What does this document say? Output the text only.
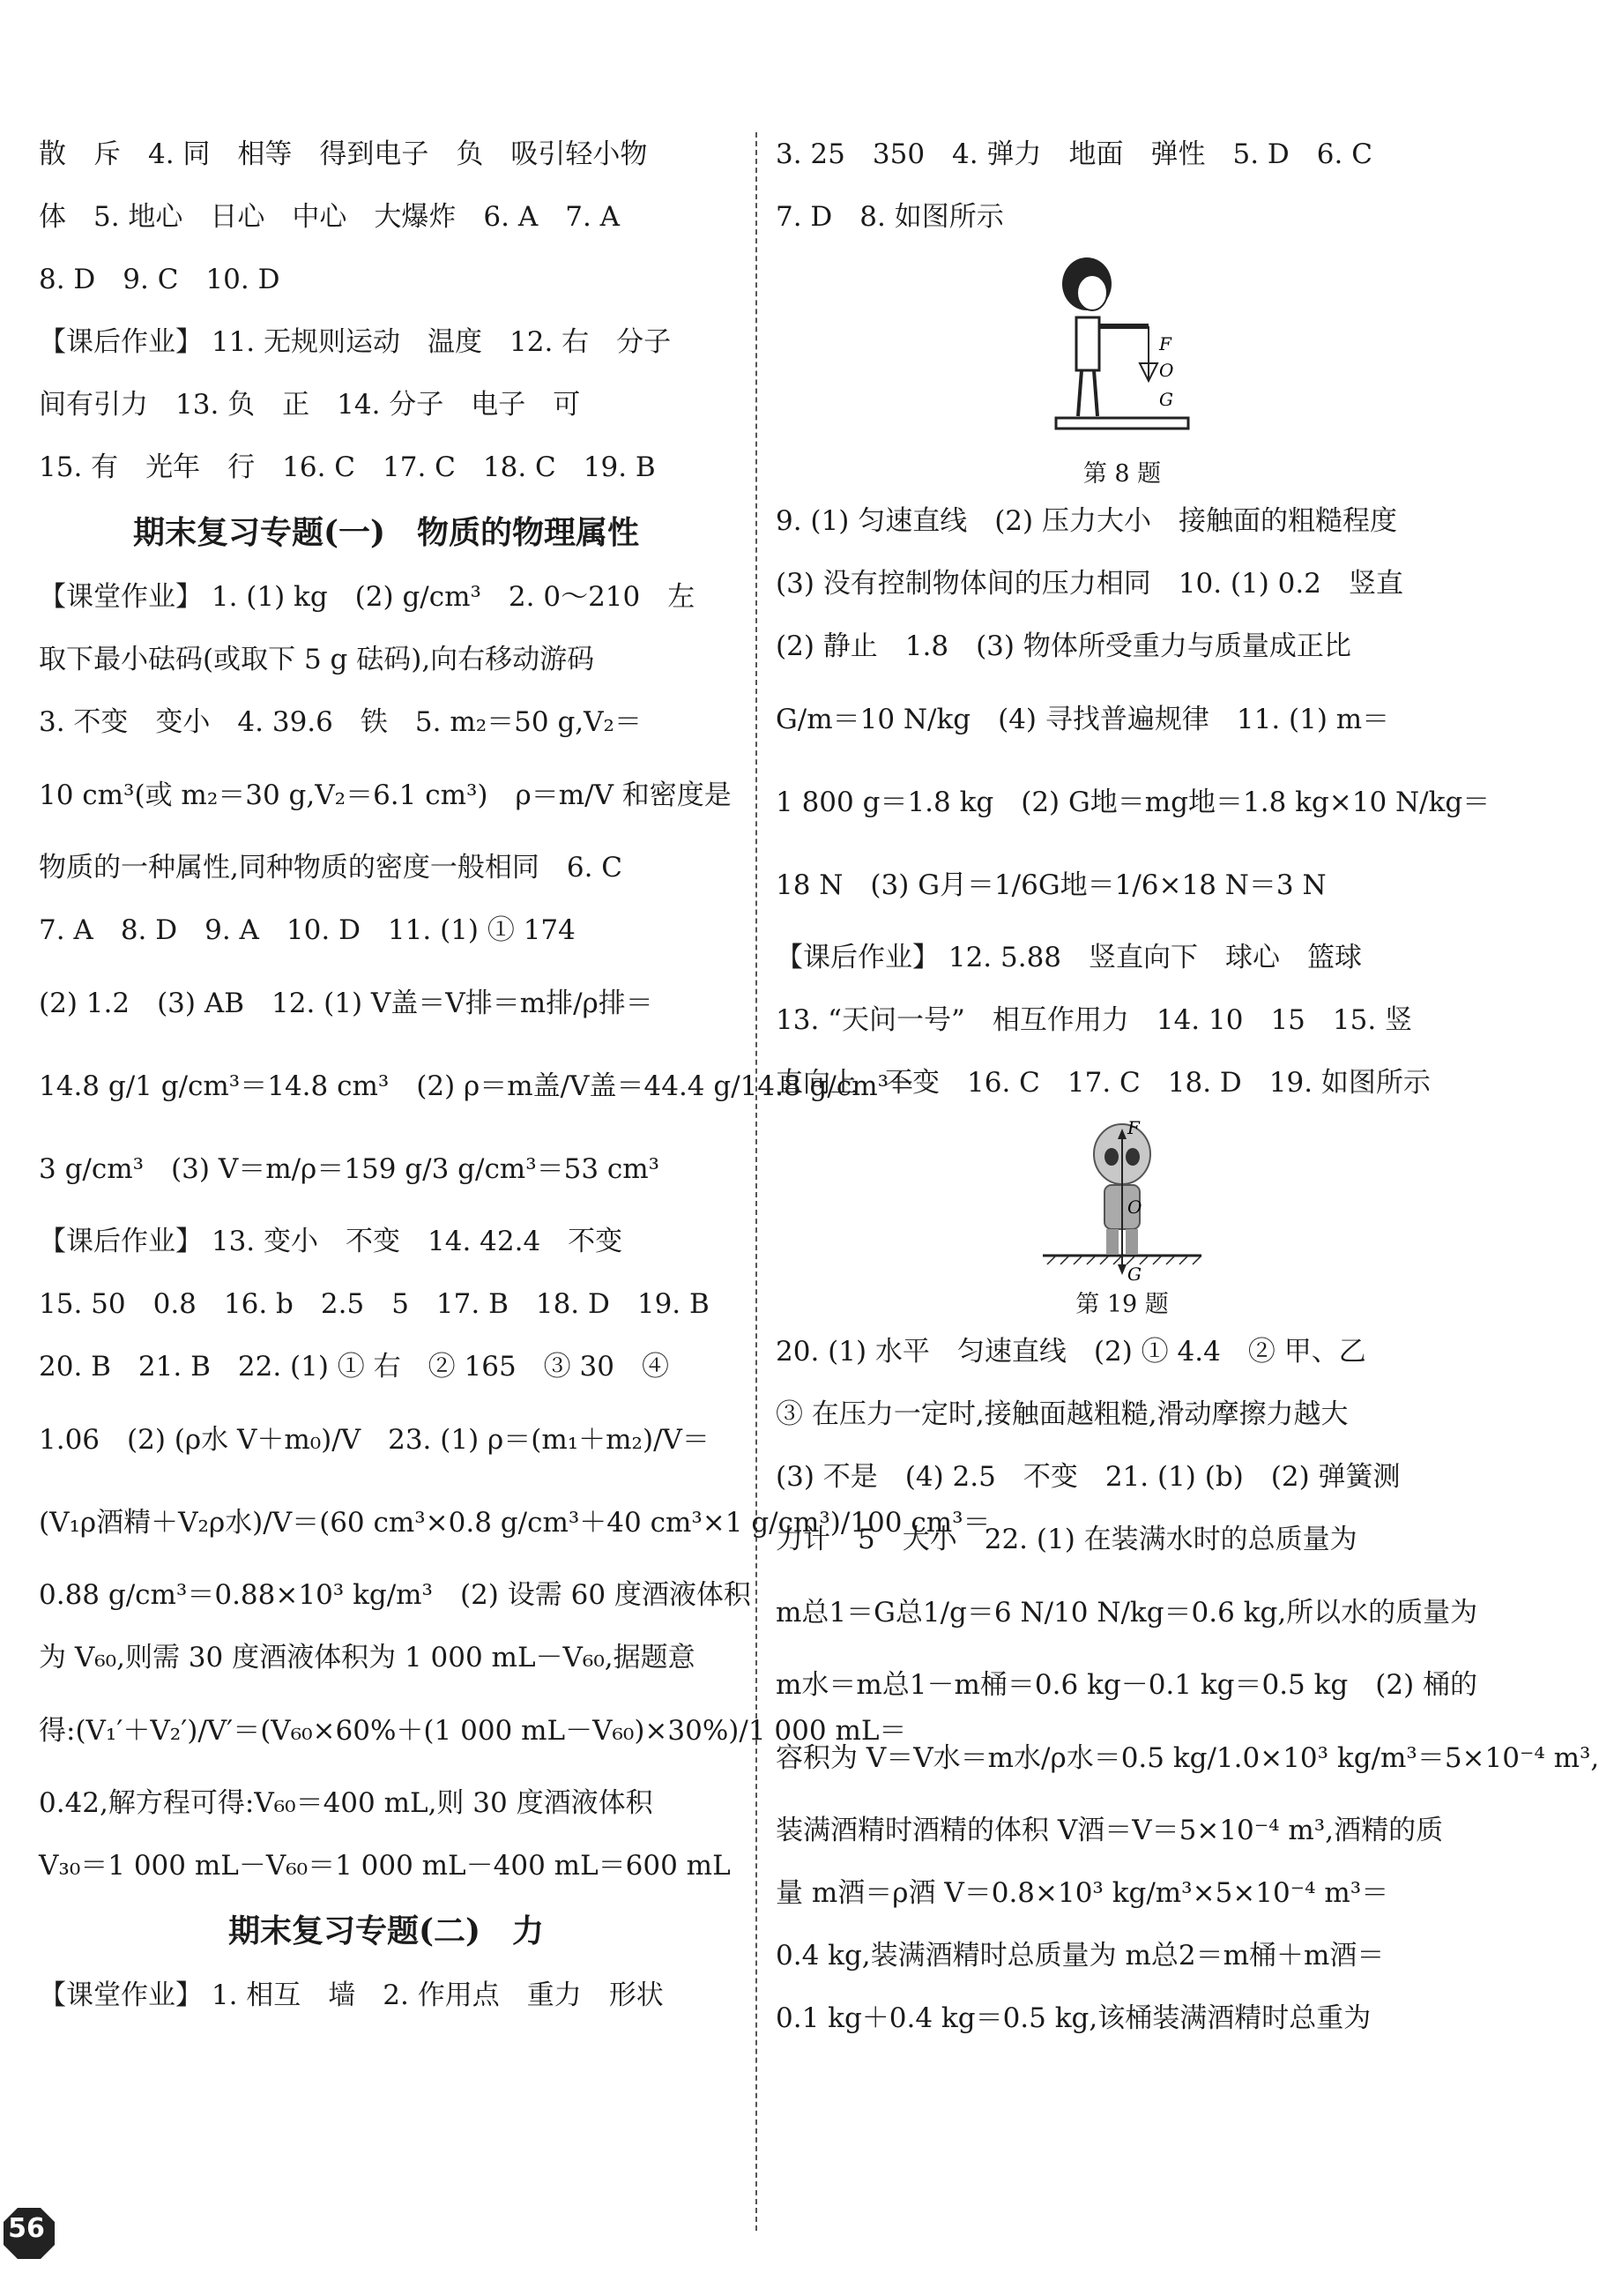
散　斥　4. 同　相等　得到电子　负　吸引轻小物
体　5. 地心　日心　中心　大爆炸　6. A　7. A
8. D　9. C　10. D
【课后作业】 11. 无规则运动　温度　12. 右　分子
间有引力　13. 负　正　14. 分子　电子　可
15. 有　光年　行　16. C　17. C　18. C　19. B
期末复习专题(一)　物质的物理属性
【课堂作业】 1. (1) kg　(2) g/cm³　2. 0～210　左
取下最小砝码(或取下 5 g 砝码),向右移动游码
3. 不变　变小　4. 39.6　铁　5. m₂＝50 g,V₂＝
10 cm³(或 m₂＝30 g,V₂＝6.1 cm³)　ρ＝m/V 和密度是
物质的一种属性,同种物质的密度一般相同　6. C
7. A　8. D　9. A　10. D　11. (1) ① 174
(2) 1.2　(3) AB　12. (1) V盖＝V排＝m排/ρ排＝
14.8 g/1 g/cm³＝14.8 cm³　(2) ρ＝m盖/V盖＝44.4 g/14.8 g/cm³＝
3 g/cm³　(3) V＝m/ρ＝159 g/3 g/cm³＝53 cm³
【课后作业】 13. 变小　不变　14. 42.4　不变
15. 50　0.8　16. b　2.5　5　17. B　18. D　19. B
20. B　21. B　22. (1) ① 右　② 165　③ 30　④
1.06　(2) (ρ水 V＋m₀)/V　23. (1) ρ＝(m₁＋m₂)/V＝
(V₁ρ酒精＋V₂ρ水)/V＝(60 cm³×0.8 g/cm³＋40 cm³×1 g/cm³)/100 cm³＝
0.88 g/cm³＝0.88×10³ kg/m³　(2) 设需 60 度酒液体积
为 V₆₀,则需 30 度酒液体积为 1 000 mL－V₆₀,据题意
得:(V₁′＋V₂′)/V′＝(V₆₀×60%＋(1 000 mL－V₆₀)×30%)/1 000 mL＝
0.42,解方程可得:V₆₀＝400 mL,则 30 度酒液体积
V₃₀＝1 000 mL－V₆₀＝1 000 mL－400 mL＝600 mL
期末复习专题(二)　力
【课堂作业】 1. 相互　墙　2. 作用点　重力　形状
3. 25　350　4. 弹力　地面　弹性　5. D　6. C
7. D　8. 如图所示
F
O
G
第 8 题
9. (1) 匀速直线　(2) 压力大小　接触面的粗糙程度
(3) 没有控制物体间的压力相同　10. (1) 0.2　竖直
(2) 静止　1.8　(3) 物体所受重力与质量成正比
G/m＝10 N/kg　(4) 寻找普遍规律　11. (1) m＝
1 800 g＝1.8 kg　(2) G地＝mg地＝1.8 kg×10 N/kg＝
18 N　(3) G月＝1/6G地＝1/6×18 N＝3 N
【课后作业】 12. 5.88　竖直向下　球心　篮球
13. “天问一号”　相互作用力　14. 10　15　15. 竖
直向上　不变　16. C　17. C　18. D　19. 如图所示
F
O
G
第 19 题
20. (1) 水平　匀速直线　(2) ① 4.4　② 甲、乙
③ 在压力一定时,接触面越粗糙,滑动摩擦力越大
(3) 不是　(4) 2.5　不变　21. (1) (b)　(2) 弹簧测
力计　5　大小　22. (1) 在装满水时的总质量为
m总1＝G总1/g＝6 N/10 N/kg＝0.6 kg,所以水的质量为
m水＝m总1－m桶＝0.6 kg－0.1 kg＝0.5 kg　(2) 桶的
容积为 V＝V水＝m水/ρ水＝0.5 kg/1.0×10³ kg/m³＝5×10⁻⁴ m³,
装满酒精时酒精的体积 V酒＝V＝5×10⁻⁴ m³,酒精的质
量 m酒＝ρ酒 V＝0.8×10³ kg/m³×5×10⁻⁴ m³＝
0.4 kg,装满酒精时总质量为 m总2＝m桶＋m酒＝
0.1 kg＋0.4 kg＝0.5 kg,该桶装满酒精时总重为
56
